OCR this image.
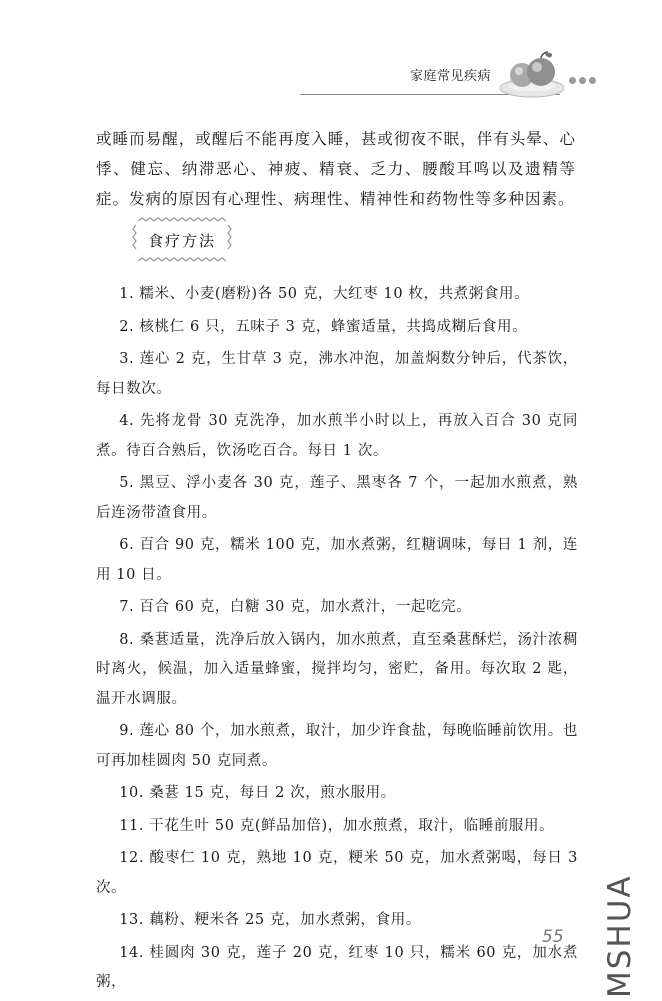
家庭常见疾病

或睡而易醒，或醒后不能再度入睡，甚或彻夜不眠，伴有头晕、心悸、健忘、纳滞恶心、神疲、精衰、乏力、腰酸耳鸣以及遗精等症。发病的原因有心理性、病理性、精神性和药物性等多种因素。

食疗方法

1. 糯米、小麦(磨粉)各 50 克，大红枣 10 枚，共煮粥食用。

2. 核桃仁 6 只，五味子 3 克，蜂蜜适量，共捣成糊后食用。

3. 莲心 2 克，生甘草 3 克，沸水冲泡，加盖焖数分钟后，代茶饮，每日数次。

4. 先将龙骨 30 克洗净，加水煎半小时以上，再放入百合 30 克同煮。待百合熟后，饮汤吃百合。每日 1 次。

5. 黑豆、浮小麦各 30 克，莲子、黑枣各 7 个，一起加水煎煮，熟后连汤带渣食用。

6. 百合 90 克，糯米 100 克，加水煮粥，红糖调味，每日 1 剂，连用 10 日。

7. 百合 60 克，白糖 30 克，加水煮汁，一起吃完。

8. 桑葚适量，洗净后放入锅内，加水煎煮，直至桑葚酥烂，汤汁浓稠时离火，候温，加入适量蜂蜜，搅拌均匀，密贮，备用。每次取 2 匙，温开水调服。

9. 莲心 80 个，加水煎煮，取汁，加少许食盐，每晚临睡前饮用。也可再加桂圆肉 50 克同煮。

10. 桑葚 15 克，每日 2 次，煎水服用。

11. 干花生叶 50 克(鲜品加倍)，加水煎煮，取汁，临睡前服用。

12. 酸枣仁 10 克，熟地 10 克，粳米 50 克，加水煮粥喝，每日 3 次。

13. 藕粉、粳米各 25 克，加水煮粥，食用。

14. 桂圆肉 30 克，莲子 20 克，红枣 10 只，糯米 60 克，加水煮粥，

55 MSHUA
